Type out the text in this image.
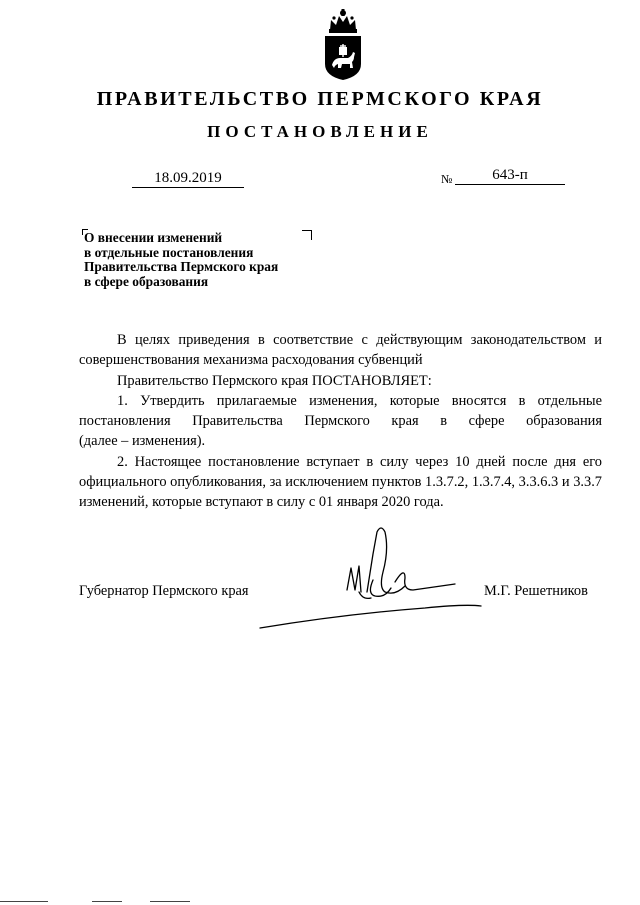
ПРАВИТЕЛЬСТВО ПЕРМСКОГО КРАЯ
ПОСТАНОВЛЕНИЕ
18.09.2019	№	643-п
О внесении изменений
в отдельные постановления
Правительства Пермского края
в сфере образования

В целях приведения в соответствие с действующим законодательством и совершенствования механизма расходования субвенций

Правительство Пермского края ПОСТАНОВЛЯЕТ:

1. Утвердить прилагаемые изменения, которые вносятся в отдельные постановления Правительства Пермского края в сфере образования

(далее – изменения).

2. Настоящее постановление вступает в силу через 10 дней после дня его официального опубликования, за исключением пунктов 1.3.7.2, 1.3.7.4, 3.3.6.3 и 3.3.7 изменений, которые вступают в силу с 01 января 2020 года.

Губернатор Пермского края	М.Г. Решетников
